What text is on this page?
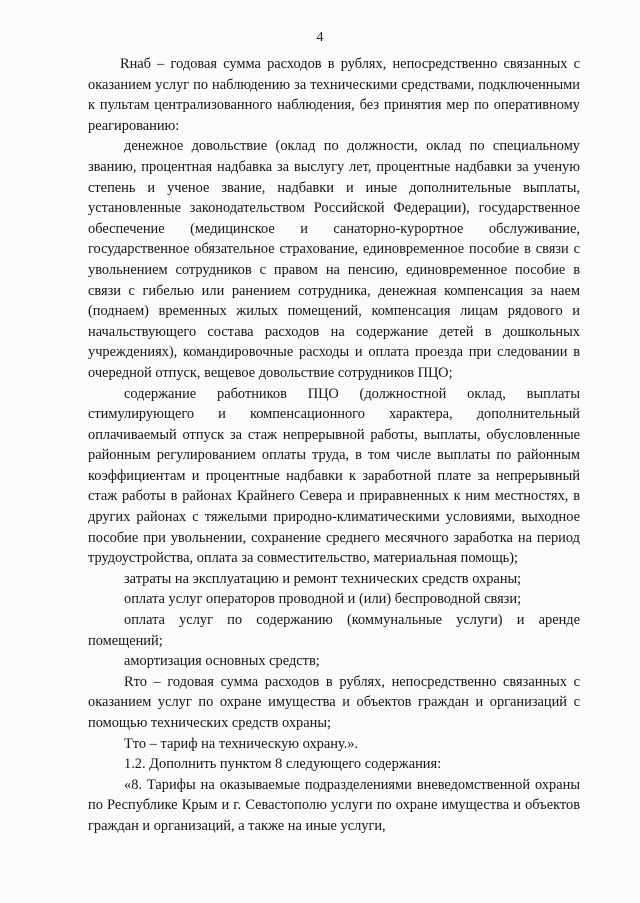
4

Rнаб – годовая сумма расходов в рублях, непосредственно связанных с оказанием услуг по наблюдению за техническими средствами, подключенными к пультам централизованного наблюдения, без принятия мер по оперативному реагированию:

денежное довольствие (оклад по должности, оклад по специальному званию, процентная надбавка за выслугу лет, процентные надбавки за ученую степень и ученое звание, надбавки и иные дополнительные выплаты, установленные законодательством Российской Федерации), государственное обеспечение (медицинское и санаторно-курортное обслуживание, государственное обязательное страхование, единовременное пособие в связи с увольнением сотрудников с правом на пенсию, единовременное пособие в связи с гибелью или ранением сотрудника, денежная компенсация за наем (поднаем) временных жилых помещений, компенсация лицам рядового и начальствующего состава расходов на содержание детей в дошкольных учреждениях), командировочные расходы и оплата проезда при следовании в очередной отпуск, вещевое довольствие сотрудников ПЦО;

содержание работников ПЦО (должностной оклад, выплаты стимулирующего и компенсационного характера, дополнительный оплачиваемый отпуск за стаж непрерывной работы, выплаты, обусловленные районным регулированием оплаты труда, в том числе выплаты по районным коэффициентам и процентные надбавки к заработной плате за непрерывный стаж работы в районах Крайнего Севера и приравненных к ним местностях, в других районах с тяжелыми природно-климатическими условиями, выходное пособие при увольнении, сохранение среднего месячного заработка на период трудоустройства, оплата за совместительство, материальная помощь);

затраты на эксплуатацию и ремонт технических средств охраны;

оплата услуг операторов проводной и (или) беспроводной связи;

оплата услуг по содержанию (коммунальные услуги) и аренде помещений;

амортизация основных средств;

Rто – годовая сумма расходов в рублях, непосредственно связанных с оказанием услуг по охране имущества и объектов граждан и организаций с помощью технических средств охраны;

Тто – тариф на техническую охрану.».

1.2. Дополнить пунктом 8 следующего содержания:

«8. Тарифы на оказываемые подразделениями вневедомственной охраны по Республике Крым и г. Севастополю услуги по охране имущества и объектов граждан и организаций, а также на иные услуги,
